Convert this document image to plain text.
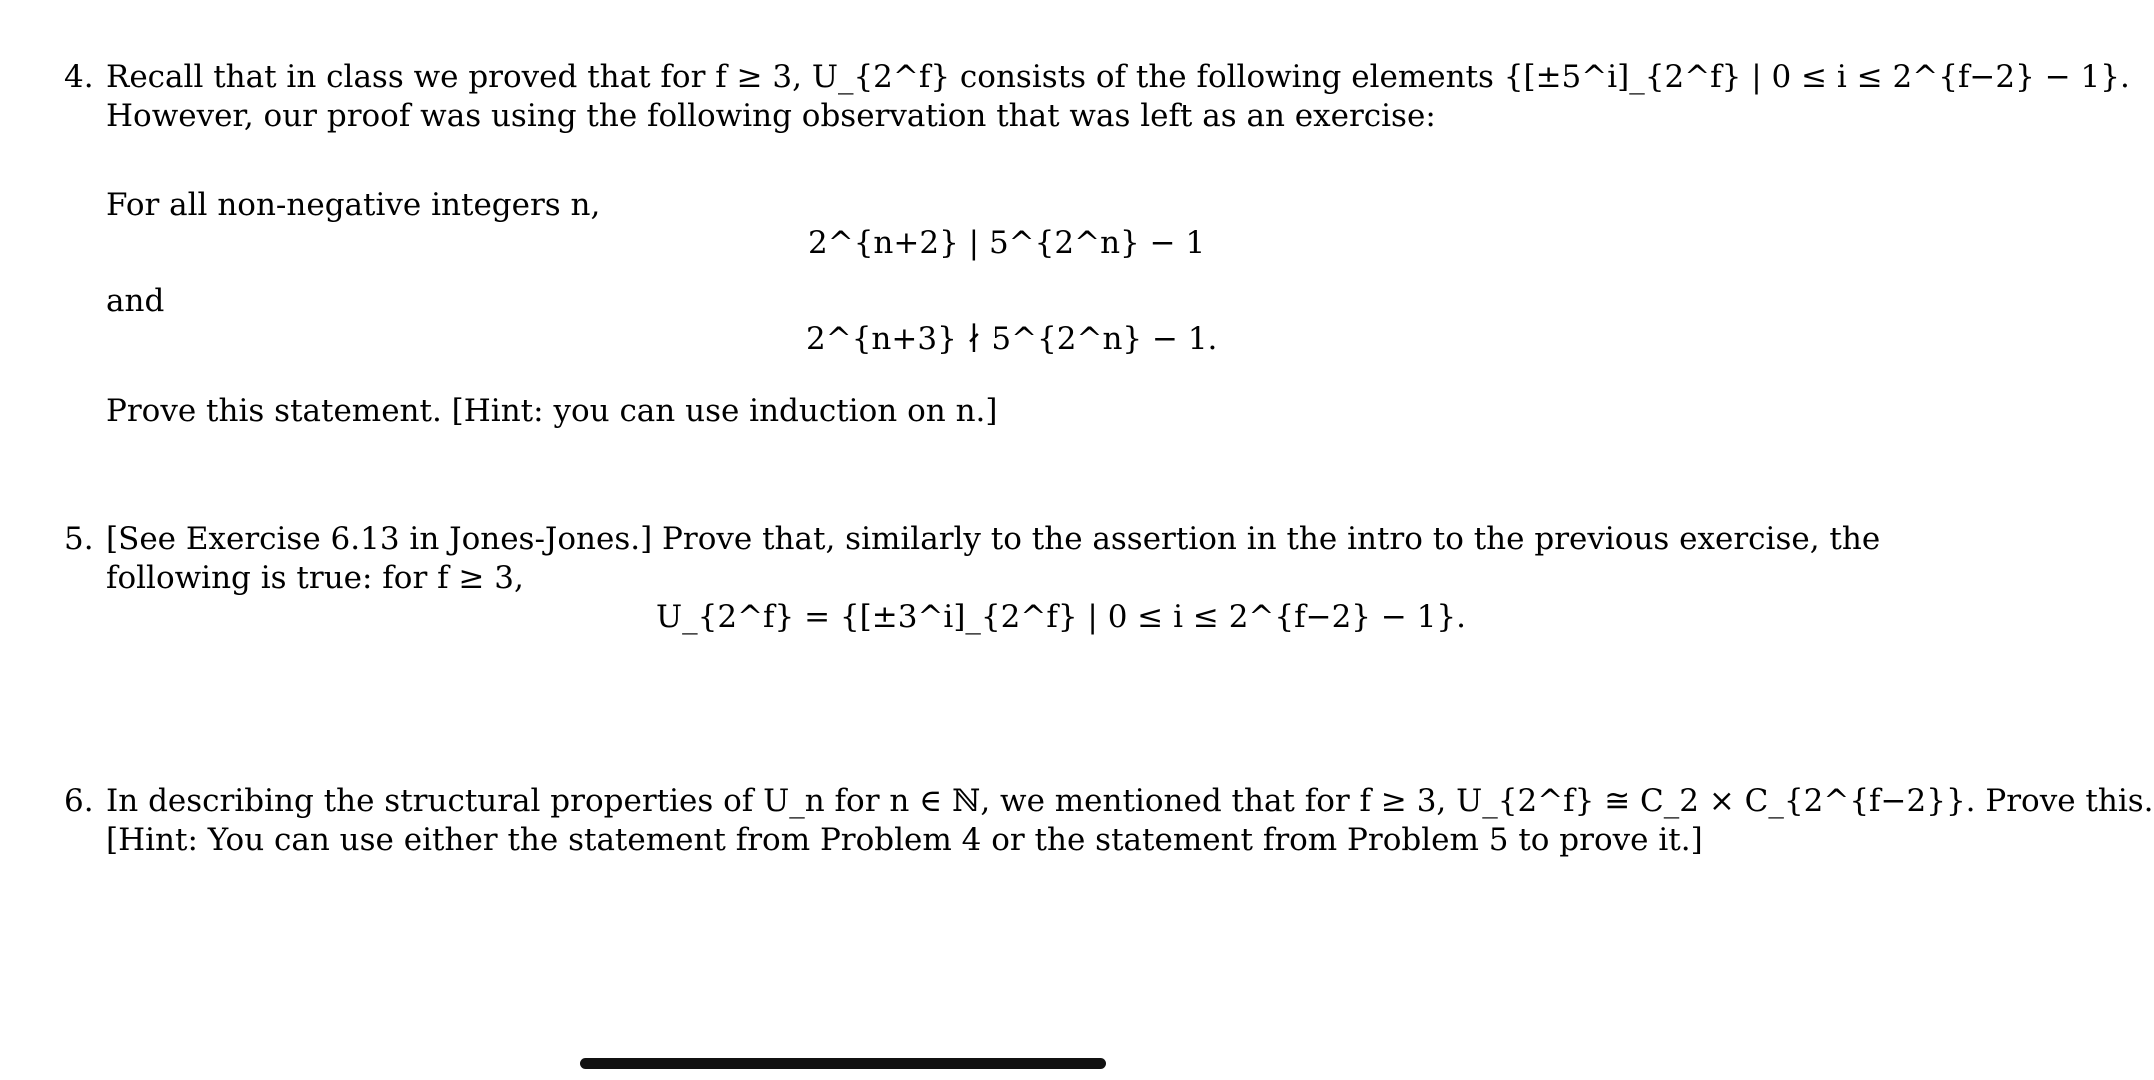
4. Recall that in class we proved that for f ≥ 3, U_{2^f} consists of the following elements {[±5^i]_{2^f} | 0 ≤ i ≤ 2^{f−2} − 1}.
However, our proof was using the following observation that was left as an exercise:
For all non-negative integers n,
and
Prove this statement. [Hint: you can use induction on n.]
2^{n+2} | 5^{2^n} − 1
2^{n+3} ∤ 5^{2^n} − 1.
5. [See Exercise 6.13 in Jones-Jones.] Prove that, similarly to the assertion in the intro to the previous exercise, the
following is true: for f ≥ 3,
U_{2^f} = {[±3^i]_{2^f} | 0 ≤ i ≤ 2^{f−2} − 1}.
6. In describing the structural properties of U_n for n ∈ ℕ, we mentioned that for f ≥ 3, U_{2^f} ≅ C_2 × C_{2^{f−2}}. Prove this.
[Hint: You can use either the statement from Problem 4 or the statement from Problem 5 to prove it.]
